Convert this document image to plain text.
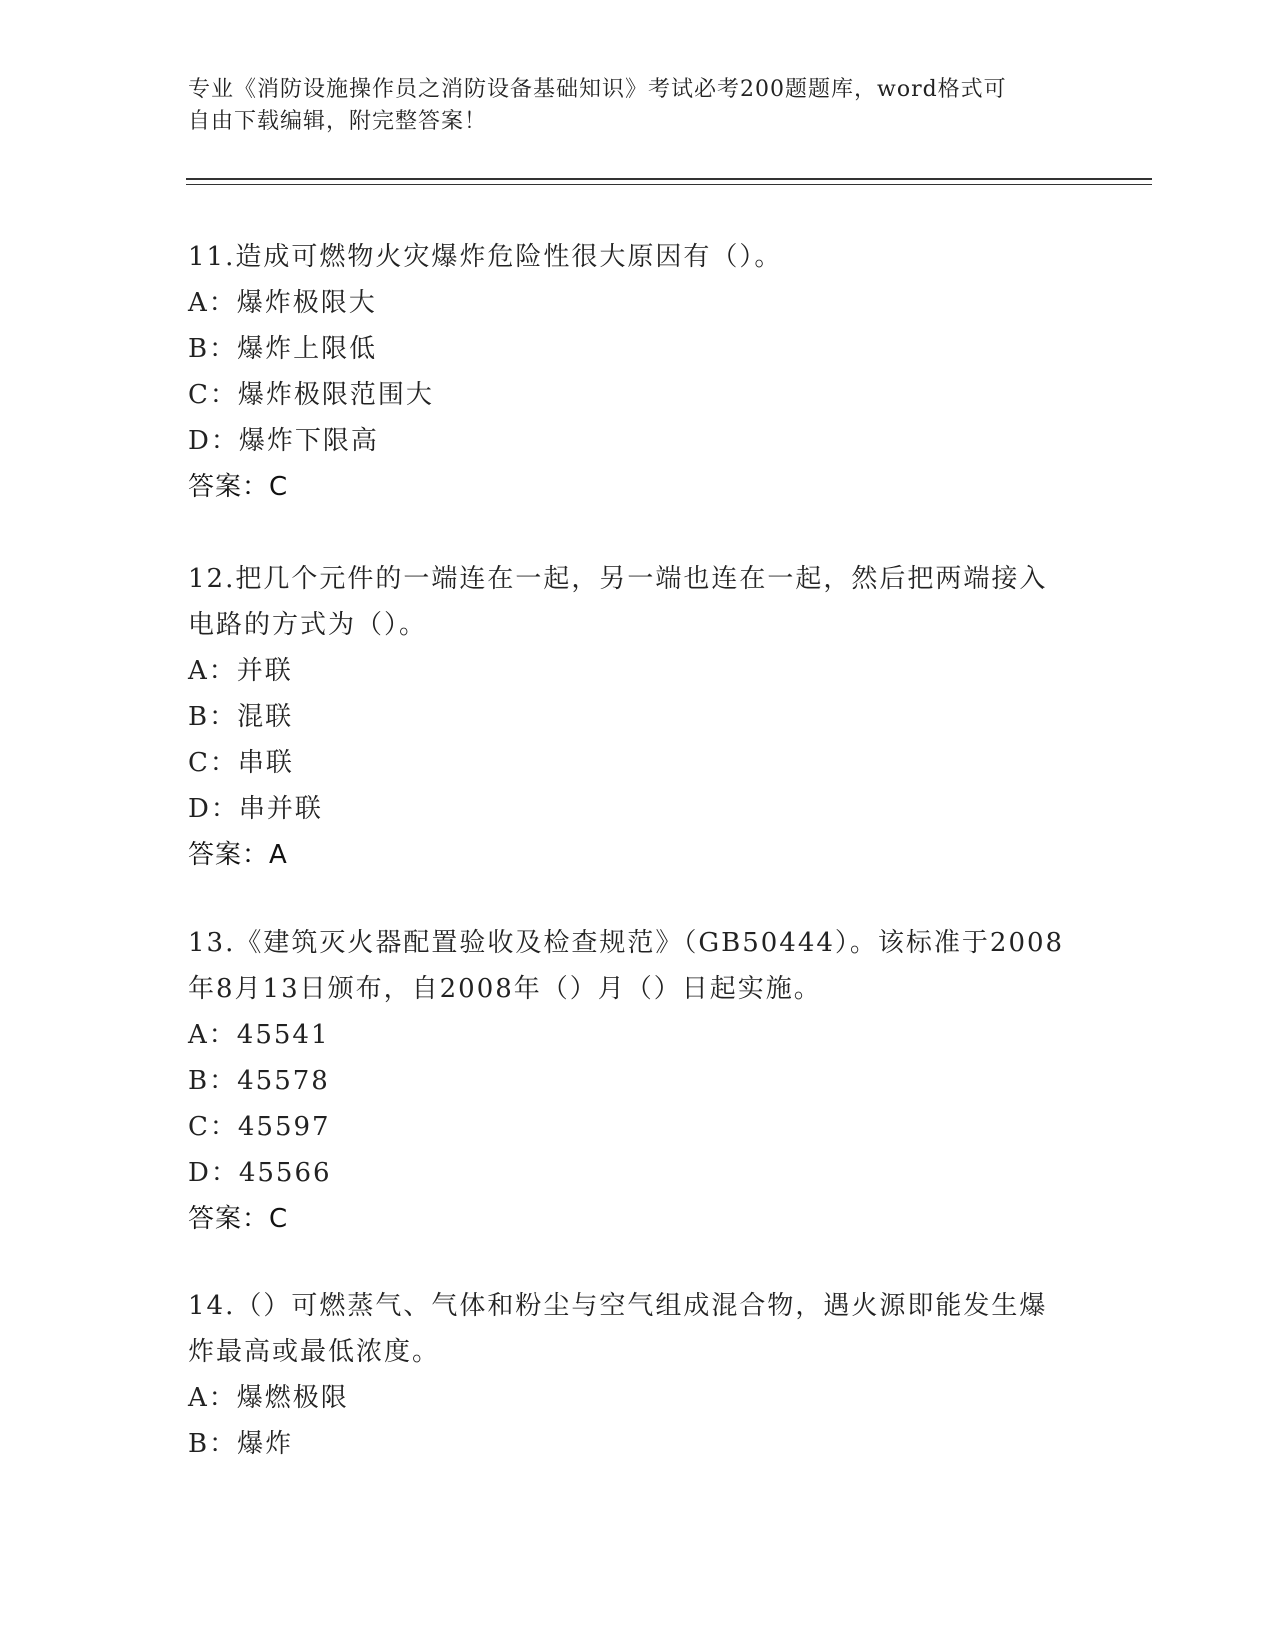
专业《消防设施操作员之消防设备基础知识》考试必考200题题库，word格式可
自由下载编辑，附完整答案！
11.造成可燃物火灾爆炸危险性很大原因有（）。
A：爆炸极限大
B：爆炸上限低
C：爆炸极限范围大
D：爆炸下限高
答案：C
12.把几个元件的一端连在一起，另一端也连在一起，然后把两端接入
电路的方式为（）。
A：并联
B：混联
C：串联
D：串并联
答案：A
13.《建筑灭火器配置验收及检查规范》（GB50444）。该标准于2008
年8月13日颁布，自2008年（）月（）日起实施。
A：45541
B：45578
C：45597
D：45566
答案：C
14.（）可燃蒸气、气体和粉尘与空气组成混合物，遇火源即能发生爆
炸最高或最低浓度。
A：爆燃极限
B：爆炸
